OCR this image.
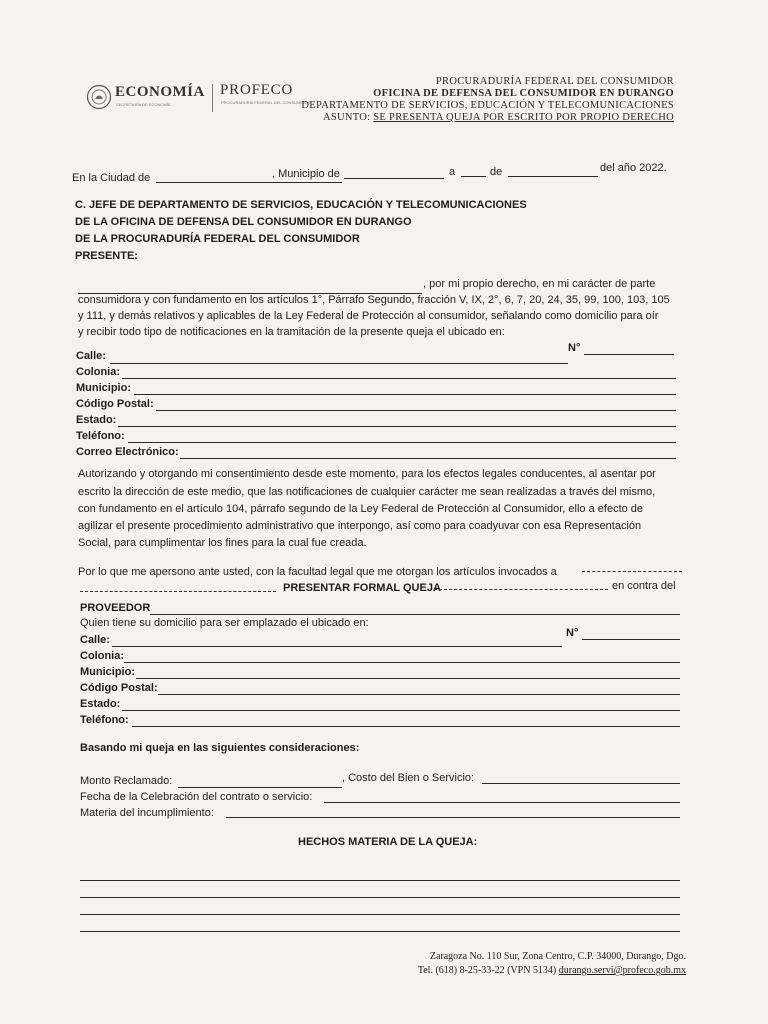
ECONOMÍA
SECRETARÍA DE ECONOMÍA
PROFECO
PROCURADURÍA FEDERAL DEL CONSUMIDOR
PROCURADURÍA FEDERAL DEL CONSUMIDOR
OFICINA DE DEFENSA DEL CONSUMIDOR EN DURANGO
DEPARTAMENTO DE SERVICIOS, EDUCACIÓN Y TELECOMUNICACIONES
ASUNTO: SE PRESENTA QUEJA POR ESCRITO POR PROPIO DERECHO
En la Ciudad de	, Municipio de	a	de	del año 2022.
C. JEFE DE DEPARTAMENTO DE SERVICIOS, EDUCACIÓN Y TELECOMUNICACIONES
DE LA OFICINA DE DEFENSA DEL CONSUMIDOR EN DURANGO
DE LA PROCURADURÍA FEDERAL DEL CONSUMIDOR
PRESENTE:
, por mi propio derecho, en mi carácter de parte
consumidora y con fundamento en los artículos 1°, Párrafo Segundo, fracción V, IX, 2°, 6, 7, 20, 24, 35, 99, 100, 103, 105
y 111, y demás relativos y aplicables de la Ley Federal de Protección al consumidor, señalando como domicilio para oír
y recibir todo tipo de notificaciones en la tramitación de la presente queja el ubicado en:
Calle:
N°
Colonia:
Municipio:
Código Postal:
Estado:
Teléfono:
Correo Electrónico:
Autorizando y otorgando mi consentimiento desde este momento, para los efectos legales conducentes, al asentar por
escrito la dirección de este medio, que las notificaciones de cualquier carácter me sean realizadas a través del mismo,
con fundamento en el artículo 104, párrafo segundo de la Ley Federal de Protección al Consumidor, ello a efecto de
agilizar el presente procedimiento administrativo que interpongo, así como para coadyuvar con esa Representación
Social, para cumplimentar los fines para la cual fue creada.
Por lo que me apersono ante usted, con la facultad legal que me otorgan los artículos invocados a
PRESENTAR FORMAL QUEJA	en contra del
PROVEEDOR
Quien tiene su domicilio para ser emplazado el ubicado en:
Calle:
N°
Colonia:
Municipio:
Código Postal:
Estado:
Teléfono:
Basando mi queja en las siguientes consideraciones:
Monto Reclamado:	, Costo del Bien o Servicio:
Fecha de la Celebración del contrato o servicio:
Materia del incumplimiento:
HECHOS MATERIA DE LA QUEJA:
Zaragoza No. 110 Sur, Zona Centro, C.P. 34000, Durango, Dgo.
Tel. (618) 8-25-33-22 (VPN 5134) durango.servi@profeco.gob.mx
